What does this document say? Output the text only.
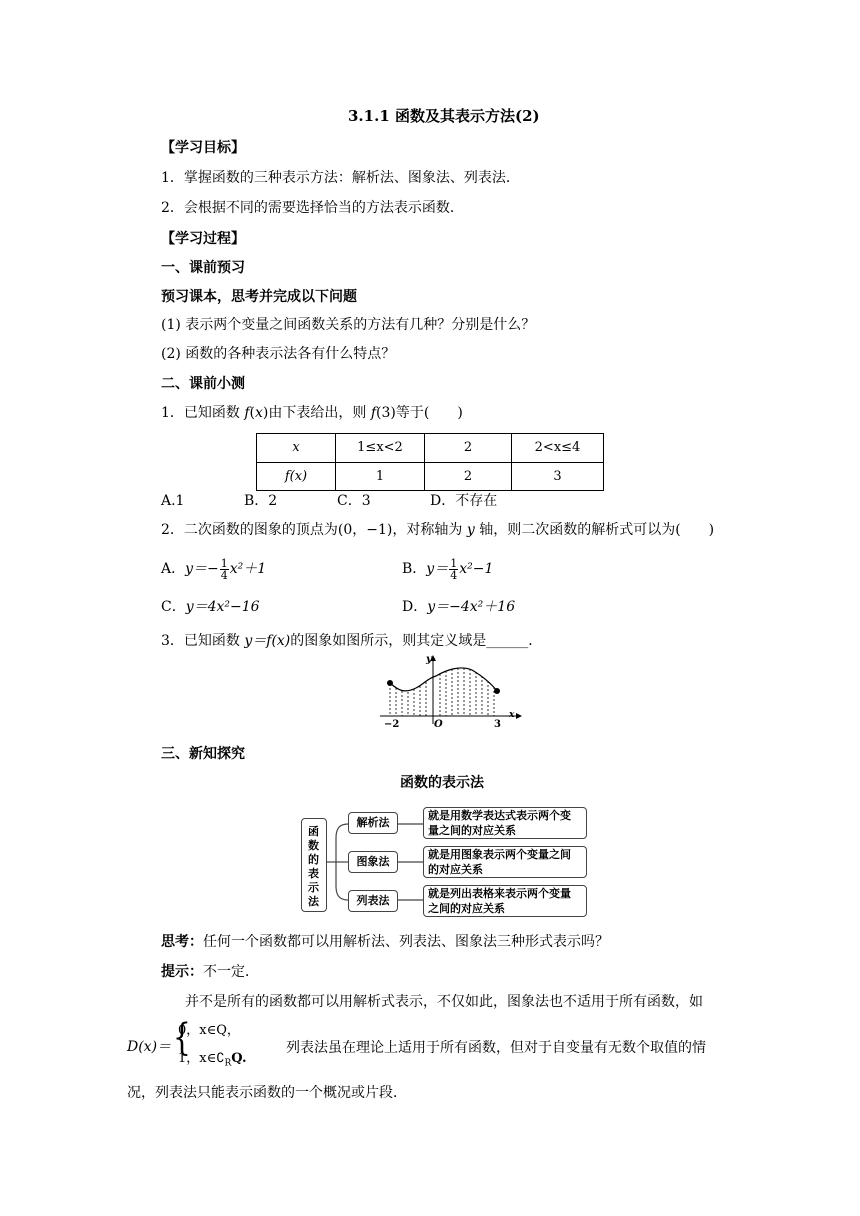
3.1.1 函数及其表示方法(2)
【学习目标】
1．掌握函数的三种表示方法：解析法、图象法、列表法．
2．会根据不同的需要选择恰当的方法表示函数．
【学习过程】
一、课前预习
预习课本，思考并完成以下问题
(1) 表示两个变量之间函数关系的方法有几种？分别是什么？
(2) 函数的各种表示法各有什么特点？
二、课前小测
1．已知函数 f(x)由下表给出，则 f(3)等于(　　)
x	1≤x<2	2	2<x≤4
f(x)	1	2	3
A.1	B．2	C．3	D．不存在
2．二次函数的图象的顶点为(0，−1)，对称轴为 y 轴，则二次函数的解析式可以为(　　)
A．$y=- \frac{1}{4} x^2+1$	B．$y= \frac{1}{4} x^2-1$
C．y＝4x²−16	D．y＝−4x²＋16
3．已知函数 y＝f(x)的图象如图所示，则其定义域是______．
y
x
O
−2	3
三、新知探究
函数的表示法
函数的表示法
解析法
就是用数学表达式表示两个变
量之间的对应关系
图象法
就是用图象表示两个变量之间
的对应关系
列表法
就是列出表格来表示两个变量
之间的对应关系
思考：任何一个函数都可以用解析法、列表法、图象法三种形式表示吗？
提示：不一定．
并不是所有的函数都可以用解析式表示，不仅如此，图象法也不适用于所有函数，如
D(x)＝ {
0，x∈Q，
1，$x\in∁_RQ$.
列表法虽在理论上适用于所有函数，但对于自变量有无数个取值的情
况，列表法只能表示函数的一个概况或片段．
